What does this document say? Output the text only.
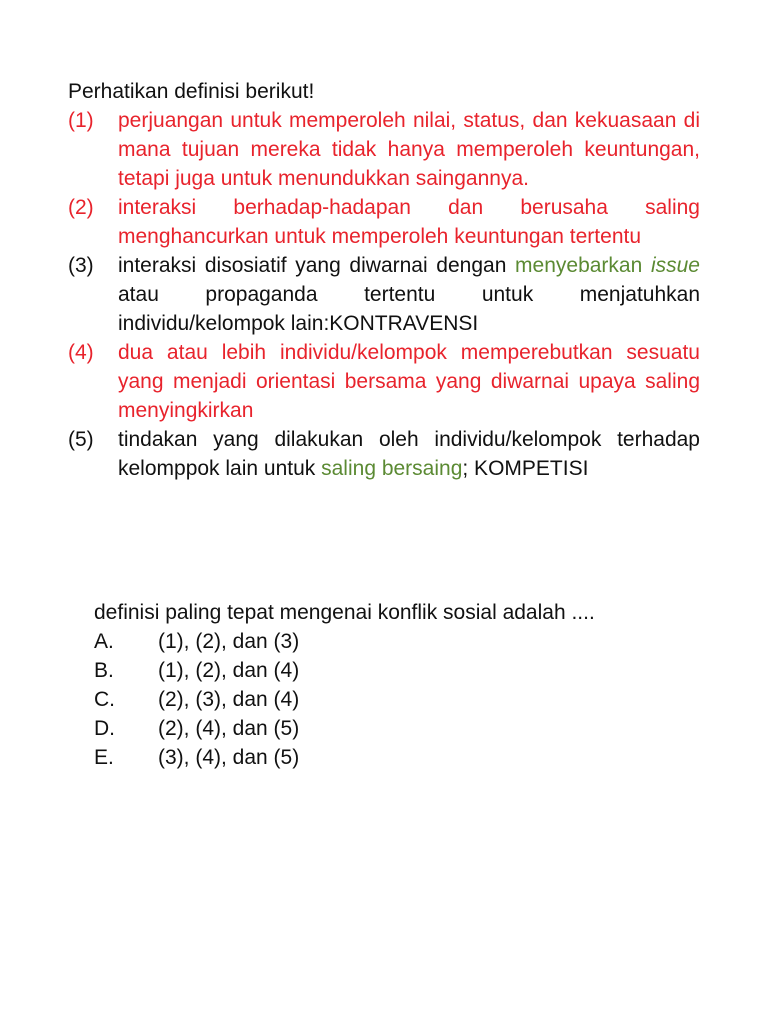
Perhatikan definisi berikut!
(1) perjuangan untuk memperoleh nilai, status, dan kekuasaan di mana tujuan mereka tidak hanya memperoleh keuntungan, tetapi juga untuk menundukkan saingannya.
(2) interaksi berhadap-hadapan dan berusaha saling menghancurkan untuk memperoleh keuntungan tertentu
(3) interaksi disosiatif yang diwarnai dengan menyebarkan issue atau propaganda tertentu untuk menjatuhkan individu/kelompok lain:KONTRAVENSI
(4) dua atau lebih individu/kelompok memperebutkan sesuatu yang menjadi orientasi bersama yang diwarnai upaya saling menyingkirkan
(5) tindakan yang dilakukan oleh individu/kelompok terhadap kelomppok lain untuk saling bersaing; KOMPETISI
definisi paling tepat mengenai konflik sosial adalah ....
A. (1), (2), dan (3)
B. (1), (2), dan (4)
C. (2), (3), dan (4)
D. (2), (4), dan (5)
E. (3), (4), dan (5)
